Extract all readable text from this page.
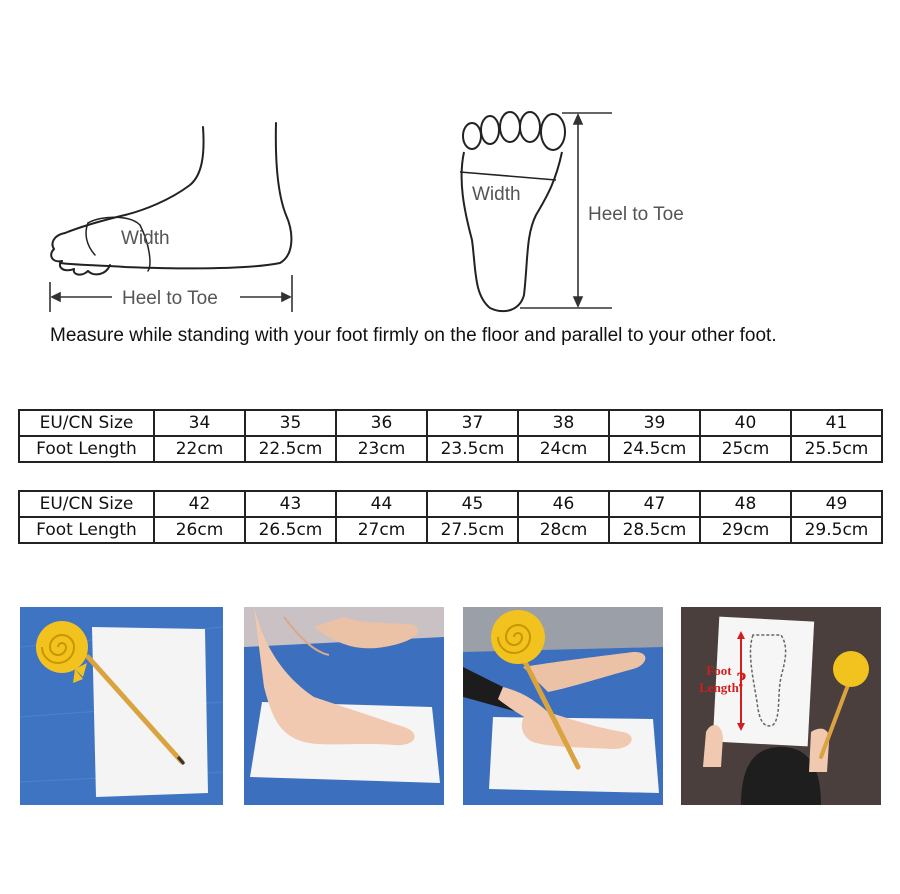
Width
Heel to Toe
Width
Heel to Toe
Measure while standing with your foot firmly on the floor and parallel to your other foot.
EU/CN Size	34	35	36	37	38	39	40	41
Foot Length	22cm	22.5cm	23cm	23.5cm	24cm	24.5cm	25cm	25.5cm
EU/CN Size	42	43	44	45	46	47	48	49
Foot Length	26cm	26.5cm	27cm	27.5cm	28cm	28.5cm	29cm	29.5cm
?
Foot Length
